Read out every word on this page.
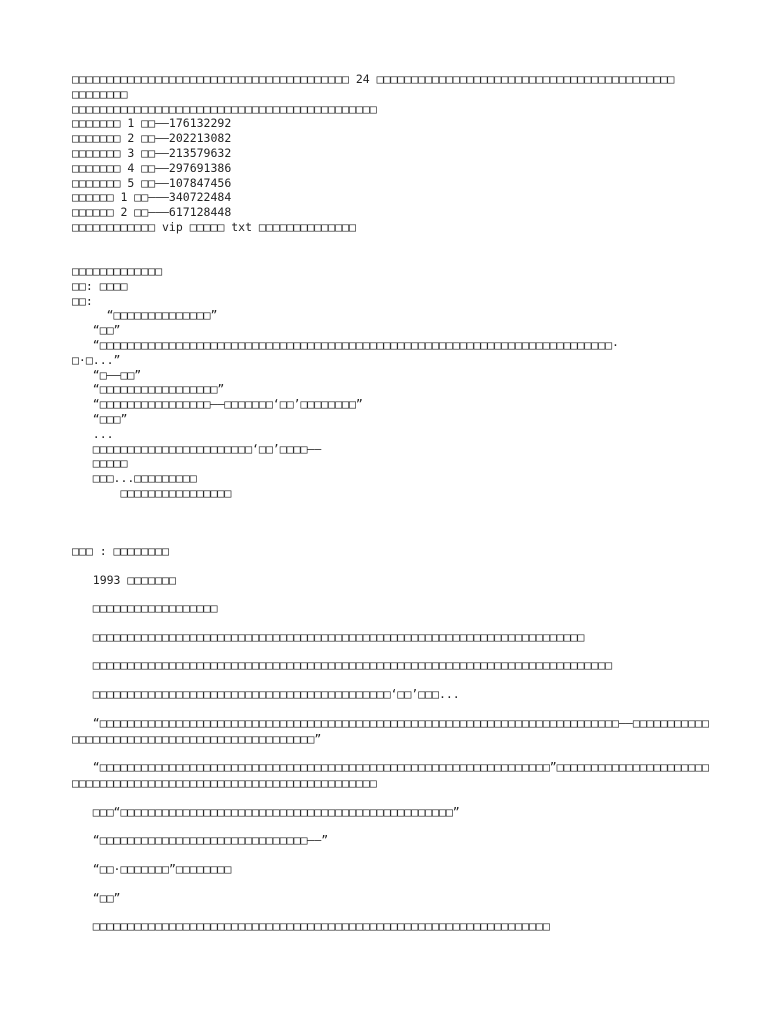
□□□□□□□□□□□□□□□□□□□□□□□□□□□□□□□□□□□□□□□□ 24 □□□□□□□□□□□□□□□□□□□□□□□□□□□□□□□□□□□□□□□□□□□
□□□□□□□□
□□□□□□□□□□□□□□□□□□□□□□□□□□□□□□□□□□□□□□□□□□□□
□□□□□□□ 1 □□——176132292
□□□□□□□ 2 □□——202213082
□□□□□□□ 3 □□——213579632
□□□□□□□ 4 □□——297691386
□□□□□□□ 5 □□——107847456
□□□□□□ 1 □□———340722484
□□□□□□ 2 □□———617128448
□□□□□□□□□□□□ vip □□□□□ txt □□□□□□□□□□□□□□
□□□□□□□□□□□□□
□□: □□□□
□□:
“□□□□□□□□□□□□□□”
“□□”
“□□□□□□□□□□□□□□□□□□□□□□□□□□□□□□□□□□□□□□□□□□□□□□□□□□□□□□□□□□□□□□□□□□□□□□□□□□·
□·□...”
“□——□□”
“□□□□□□□□□□□□□□□□□”
“□□□□□□□□□□□□□□□□——□□□□□□□‘□□’□□□□□□□□”
“□□□”
...
□□□□□□□□□□□□□□□□□□□□□□□‘□□’□□□□——
□□□□□
□□□...□□□□□□□□□
□□□□□□□□□□□□□□□□
□□□ : □□□□□□□□
1993 □□□□□□□
□□□□□□□□□□□□□□□□□□
□□□□□□□□□□□□□□□□□□□□□□□□□□□□□□□□□□□□□□□□□□□□□□□□□□□□□□□□□□□□□□□□□□□□□□□
□□□□□□□□□□□□□□□□□□□□□□□□□□□□□□□□□□□□□□□□□□□□□□□□□□□□□□□□□□□□□□□□□□□□□□□□□□□
□□□□□□□□□□□□□□□□□□□□□□□□□□□□□□□□□□□□□□□□□□□‘□□’□□□...
“□□□□□□□□□□□□□□□□□□□□□□□□□□□□□□□□□□□□□□□□□□□□□□□□□□□□□□□□□□□□□□□□□□□□□□□□□□□——□□□□□□□□□□□□□□□□□□□□□□□□□□□□□□□□□□□□□□□□□□□□□□”
“□□□□□□□□□□□□□□□□□□□□□□□□□□□□□□□□□□□□□□□□□□□□□□□□□□□□□□□□□□□□□□□□□”□□□□□□□□□□□□□□□□□□□□□□□□□□□□□□□□□□□□□□□□□□□□□□□□□□□□□□□□□□□□□□□□□□
□□□“□□□□□□□□□□□□□□□□□□□□□□□□□□□□□□□□□□□□□□□□□□□□□□□□”
“□□□□□□□□□□□□□□□□□□□□□□□□□□□□□□——”
“□□·□□□□□□□”□□□□□□□□
“□□”
□□□□□□□□□□□□□□□□□□□□□□□□□□□□□□□□□□□□□□□□□□□□□□□□□□□□□□□□□□□□□□□□□□
